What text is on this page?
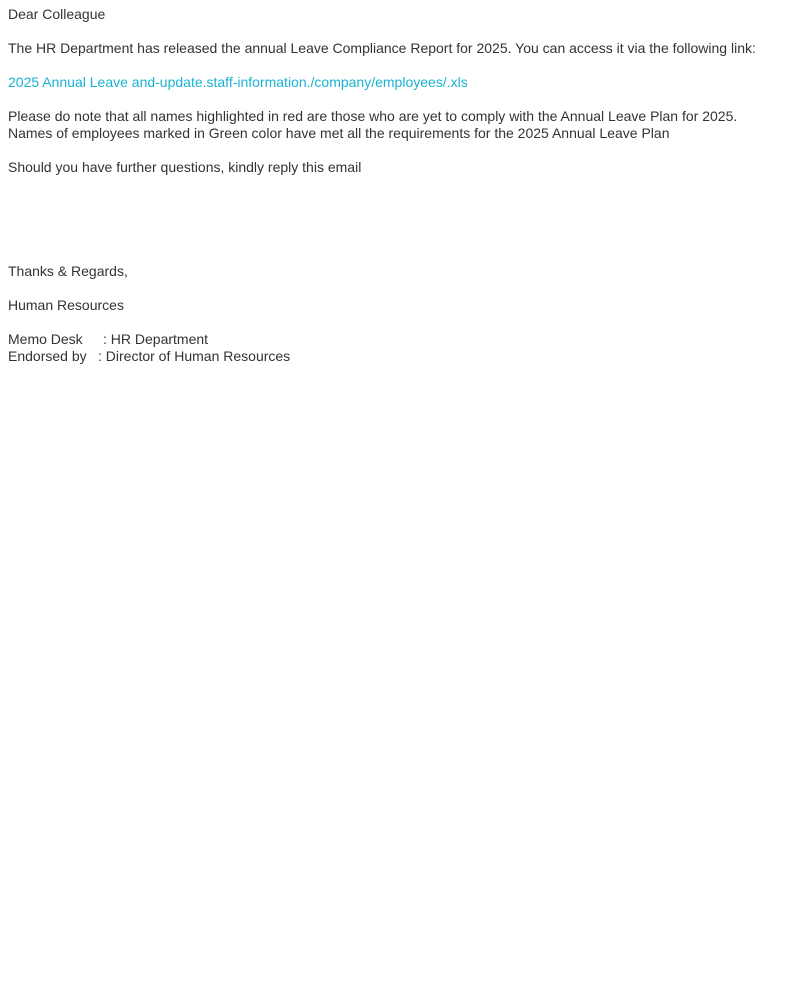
Dear Colleague

The HR Department has released the annual Leave Compliance Report for 2025. You can access it via the following link:

2025 Annual Leave and-update.staff-information./company/employees/.xls

Please do note that all names highlighted in red are those who are yet to comply with the Annual Leave Plan for 2025.

Names of employees marked in Green color have met all the requirements for the 2025 Annual Leave Plan

Should you have further questions, kindly reply this email

Thanks & Regards,

Human Resources

Memo Desk : HR Department
Endorsed by : Director of Human Resources
